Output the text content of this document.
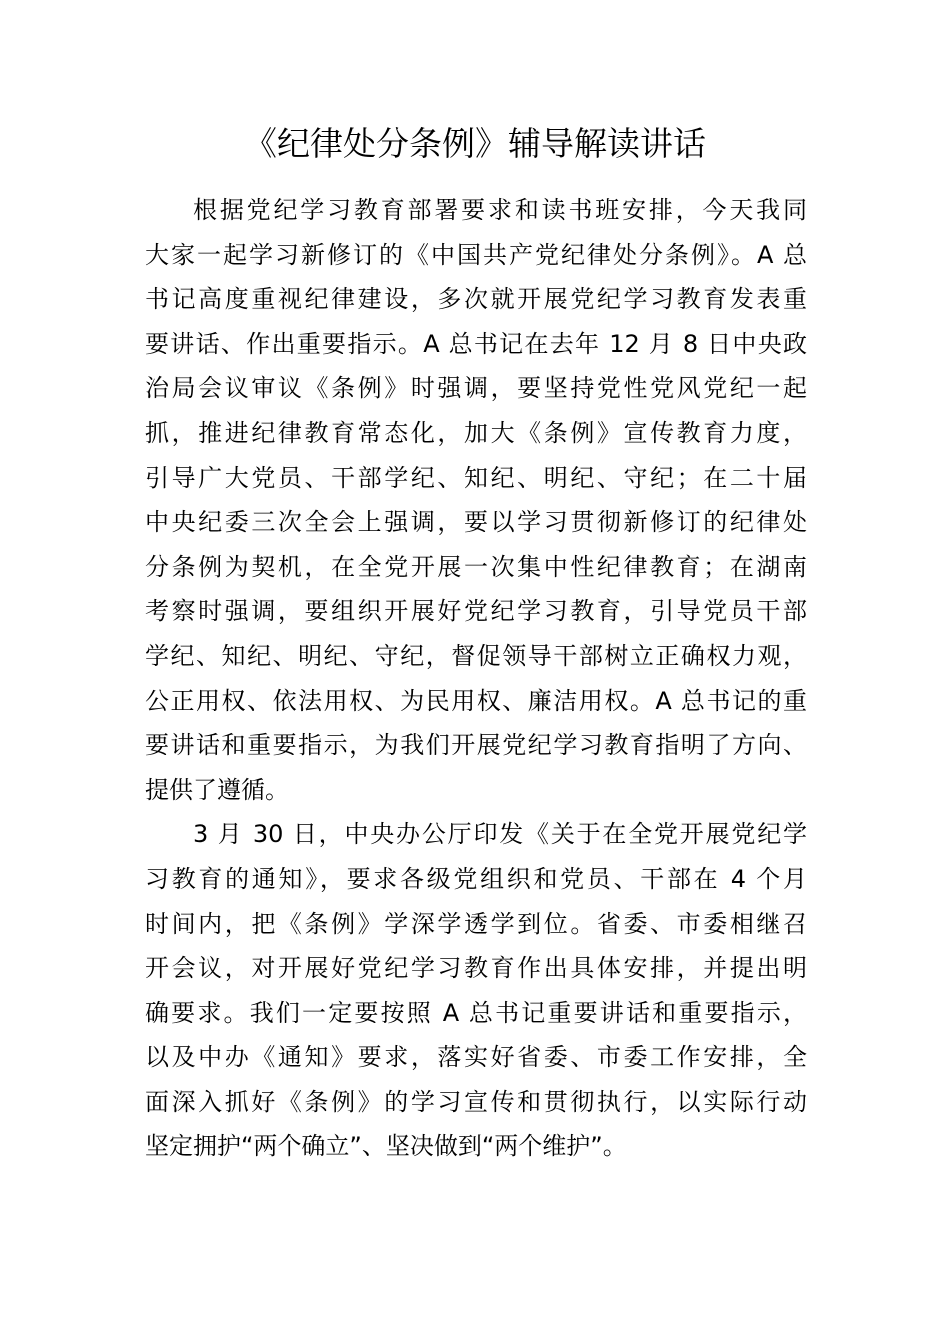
《纪律处分条例》辅导解读讲话
根据党纪学习教育部署要求和读书班安排，今天我同
大家一起学习新修订的《中国共产党纪律处分条例》。A 总
书记高度重视纪律建设，多次就开展党纪学习教育发表重
要讲话、作出重要指示。A 总书记在去年 12 月 8 日中央政
治局会议审议《条例》时强调，要坚持党性党风党纪一起
抓，推进纪律教育常态化，加大《条例》宣传教育力度，
引导广大党员、干部学纪、知纪、明纪、守纪；在二十届
中央纪委三次全会上强调，要以学习贯彻新修订的纪律处
分条例为契机，在全党开展一次集中性纪律教育；在湖南
考察时强调，要组织开展好党纪学习教育，引导党员干部
学纪、知纪、明纪、守纪，督促领导干部树立正确权力观，
公正用权、依法用权、为民用权、廉洁用权。A 总书记的重
要讲话和重要指示，为我们开展党纪学习教育指明了方向、
提供了遵循。
3 月 30 日，中央办公厅印发《关于在全党开展党纪学
习教育的通知》，要求各级党组织和党员、干部在 4 个月
时间内，把《条例》学深学透学到位。省委、市委相继召
开会议，对开展好党纪学习教育作出具体安排，并提出明
确要求。我们一定要按照 A 总书记重要讲话和重要指示，
以及中办《通知》要求，落实好省委、市委工作安排，全
面深入抓好《条例》的学习宣传和贯彻执行，以实际行动
坚定拥护“两个确立”、坚决做到“两个维护”。
